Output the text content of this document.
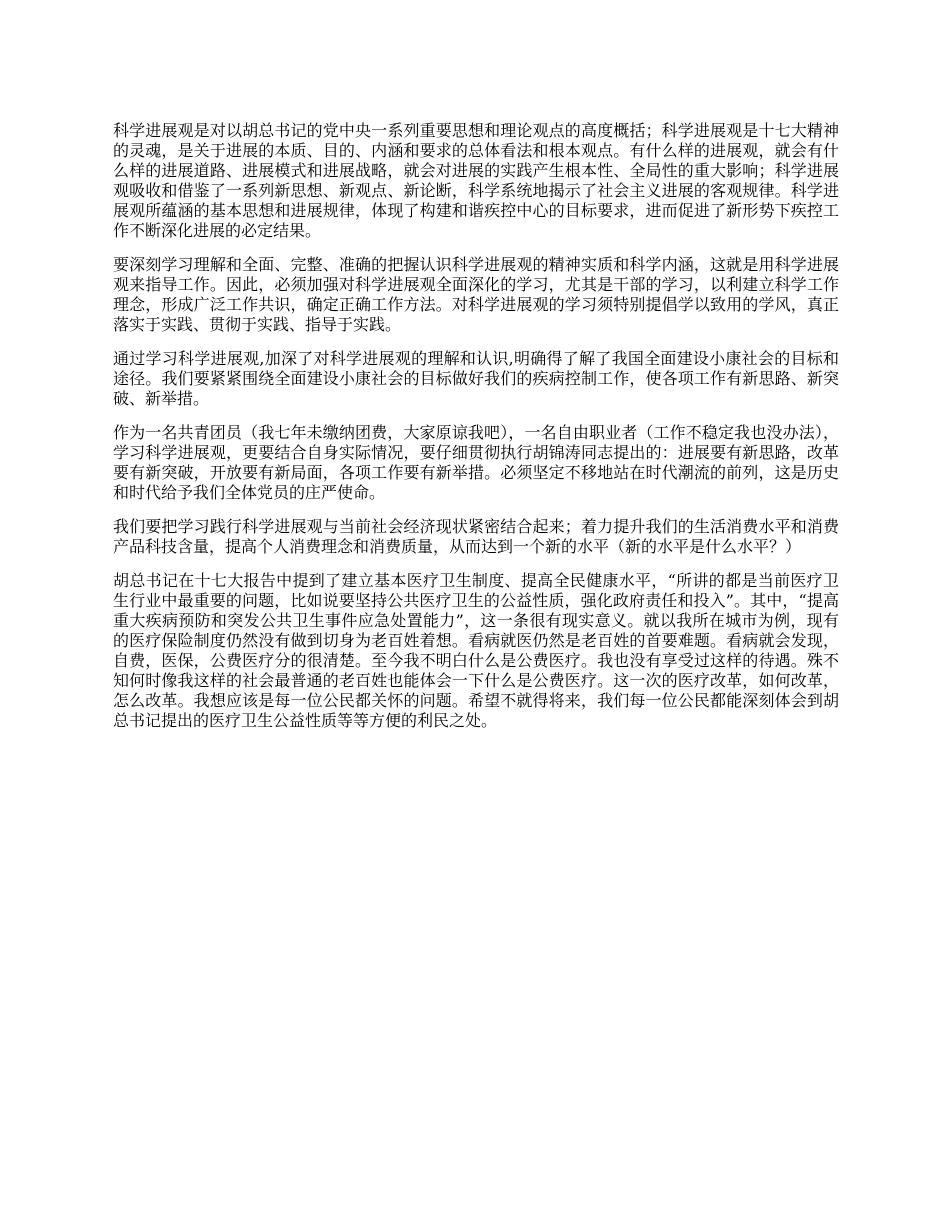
科学进展观是对以胡总书记的党中央一系列重要思想和理论观点的高度概括；科学进展观是十七大精神的灵魂，是关于进展的本质、目的、内涵和要求的总体看法和根本观点。有什么样的进展观，就会有什么样的进展道路、进展模式和进展战略，就会对进展的实践产生根本性、全局性的重大影响；科学进展观吸收和借鉴了一系列新思想、新观点、新论断，科学系统地揭示了社会主义进展的客观规律。科学进展观所蕴涵的基本思想和进展规律，体现了构建和谐疾控中心的目标要求，进而促进了新形势下疾控工作不断深化进展的必定结果。

要深刻学习理解和全面、完整、准确的把握认识科学进展观的精神实质和科学内涵，这就是用科学进展观来指导工作。因此，必须加强对科学进展观全面深化的学习，尤其是干部的学习，以利建立科学工作理念，形成广泛工作共识，确定正确工作方法。对科学进展观的学习须特别提倡学以致用的学风，真正落实于实践、贯彻于实践、指导于实践。

通过学习科学进展观,加深了对科学进展观的理解和认识,明确得了解了我国全面建设小康社会的目标和途径。我们要紧紧围绕全面建设小康社会的目标做好我们的疾病控制工作，使各项工作有新思路、新突破、新举措。

作为一名共青团员（我七年未缴纳团费，大家原谅我吧），一名自由职业者（工作不稳定我也没办法），学习科学进展观，更要结合自身实际情况，要仔细贯彻执行胡锦涛同志提出的：进展要有新思路，改革要有新突破，开放要有新局面，各项工作要有新举措。必须坚定不移地站在时代潮流的前列，这是历史和时代给予我们全体党员的庄严使命。

我们要把学习践行科学进展观与当前社会经济现状紧密结合起来；着力提升我们的生活消费水平和消费产品科技含量，提高个人消费理念和消费质量，从而达到一个新的水平（新的水平是什么水平？）

胡总书记在十七大报告中提到了建立基本医疗卫生制度、提高全民健康水平，“所讲的都是当前医疗卫生行业中最重要的问题，比如说要坚持公共医疗卫生的公益性质，强化政府责任和投入”。其中，“提高重大疾病预防和突发公共卫生事件应急处置能力”，这一条很有现实意义。就以我所在城市为例，现有的医疗保险制度仍然没有做到切身为老百姓着想。看病就医仍然是老百姓的首要难题。看病就会发现，自费，医保，公费医疗分的很清楚。至今我不明白什么是公费医疗。我也没有享受过这样的待遇。殊不知何时像我这样的社会最普通的老百姓也能体会一下什么是公费医疗。这一次的医疗改革，如何改革，怎么改革。我想应该是每一位公民都关怀的问题。希望不就得将来，我们每一位公民都能深刻体会到胡总书记提出的医疗卫生公益性质等等方便的利民之处。
